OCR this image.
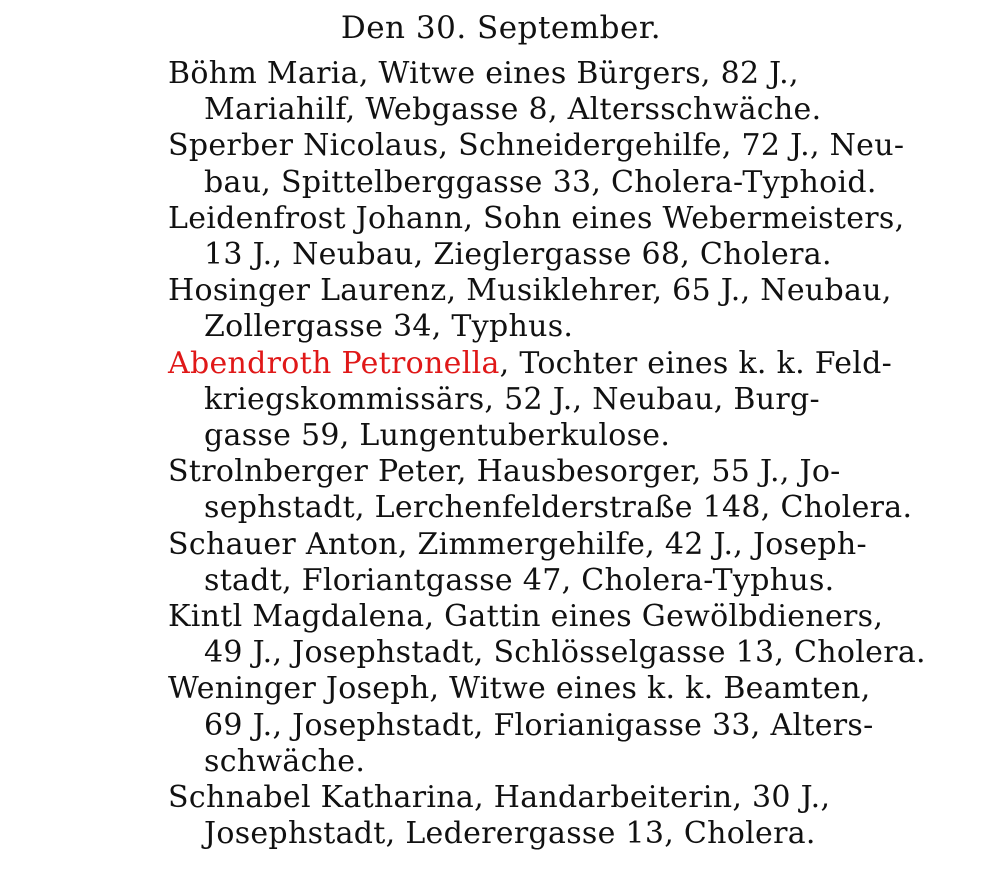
Den 30. September.
Böhm Maria, Witwe eines Bürgers, 82 J.,
Mariahilf, Webgasse 8, Altersschwäche.
Sperber Nicolaus, Schneidergehilfe, 72 J., Neu-
bau, Spittelberggasse 33, Cholera-Typhoid.
Leidenfrost Johann, Sohn eines Webermeisters,
13 J., Neubau, Zieglergasse 68, Cholera.
Hosinger Laurenz, Musiklehrer, 65 J., Neubau,
Zollergasse 34, Typhus.
Abendroth Petronella, Tochter eines k. k. Feld-
kriegskommissärs, 52 J., Neubau, Burg-
gasse 59, Lungentuberkulose.
Strolnberger Peter, Hausbesorger, 55 J., Jo-
sephstadt, Lerchenfelderstraße 148, Cholera.
Schauer Anton, Zimmergehilfe, 42 J., Joseph-
stadt, Floriantgasse 47, Cholera-Typhus.
Kintl Magdalena, Gattin eines Gewölbdieners,
49 J., Josephstadt, Schlösselgasse 13, Cholera.
Weninger Joseph, Witwe eines k. k. Beamten,
69 J., Josephstadt, Florianigasse 33, Alters-
schwäche.
Schnabel Katharina, Handarbeiterin, 30 J.,
Josephstadt, Lederergasse 13, Cholera.
